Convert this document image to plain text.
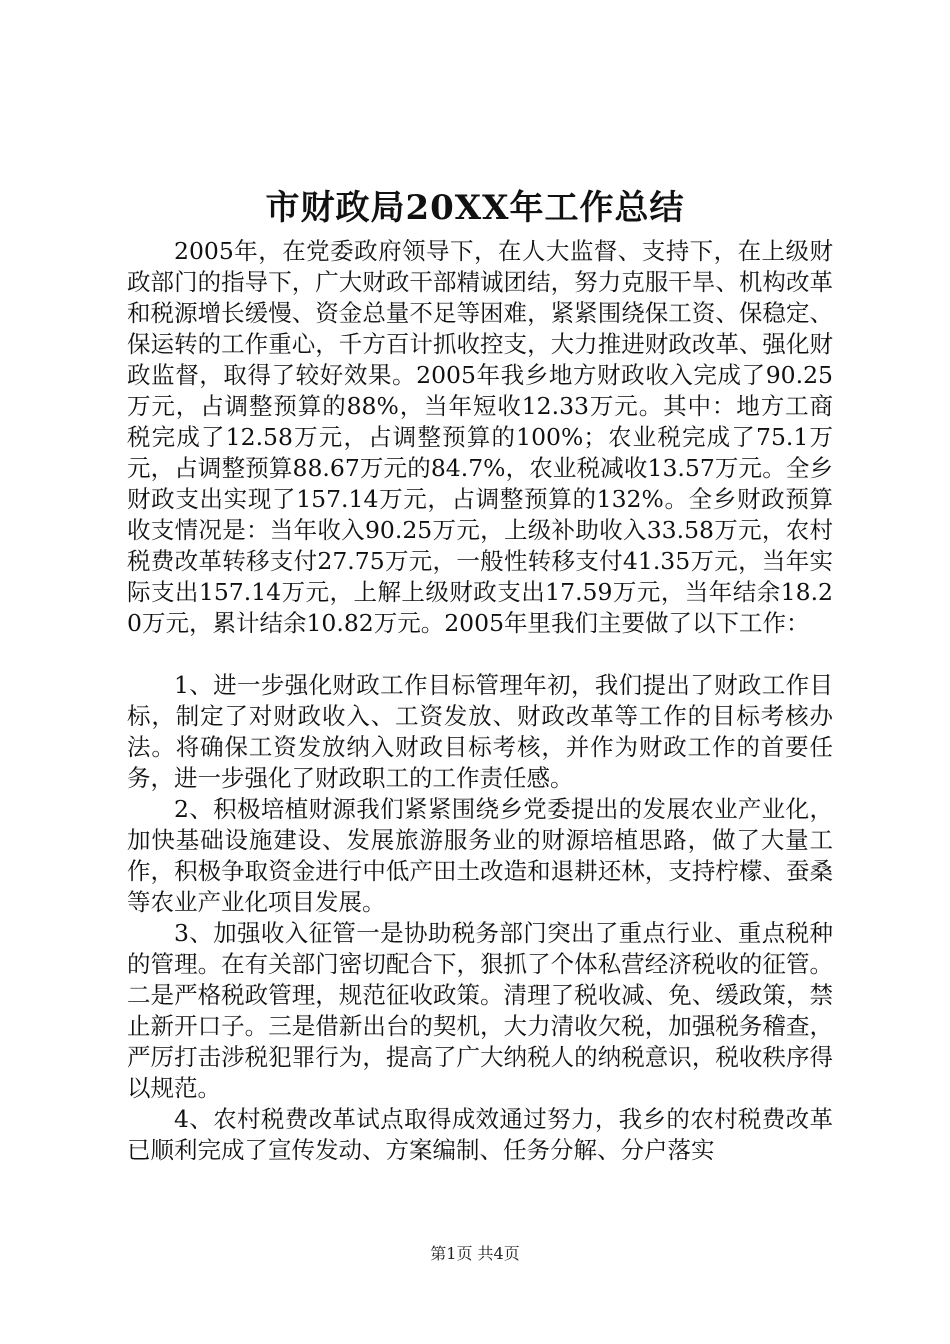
市财政局20XX年工作总结

2005年，在党委政府领导下，在人大监督、支持下，在上级财政部门的指导下，广大财政干部精诚团结，努力克服干旱、机构改革和税源增长缓慢、资金总量不足等困难，紧紧围绕保工资、保稳定、保运转的工作重心，千方百计抓收控支，大力推进财政改革、强化财政监督，取得了较好效果。2005年我乡地方财政收入完成了90.25万元，占调整预算的88%，当年短收12.33万元。其中：地方工商税完成了12.58万元，占调整预算的100%；农业税完成了75.1万元，占调整预算88.67万元的84.7%，农业税减收13.57万元。全乡财政支出实现了157.14万元，占调整预算的132%。全乡财政预算收支情况是：当年收入90.25万元，上级补助收入33.58万元，农村税费改革转移支付27.75万元，一般性转移支付41.35万元，当年实际支出157.14万元，上解上级财政支出17.59万元，当年结余18.20万元，累计结余10.82万元。2005年里我们主要做了以下工作：

1、进一步强化财政工作目标管理年初，我们提出了财政工作目标，制定了对财政收入、工资发放、财政改革等工作的目标考核办法。将确保工资发放纳入财政目标考核，并作为财政工作的首要任务，进一步强化了财政职工的工作责任感。

2、积极培植财源我们紧紧围绕乡党委提出的发展农业产业化，加快基础设施建设、发展旅游服务业的财源培植思路，做了大量工作，积极争取资金进行中低产田土改造和退耕还林，支持柠檬、蚕桑等农业产业化项目发展。

3、加强收入征管一是协助税务部门突出了重点行业、重点税种的管理。在有关部门密切配合下，狠抓了个体私营经济税收的征管。二是严格税政管理，规范征收政策。清理了税收减、免、缓政策，禁止新开口子。三是借新出台的契机，大力清收欠税，加强税务稽查，严厉打击涉税犯罪行为，提高了广大纳税人的纳税意识，税收秩序得以规范。

4、农村税费改革试点取得成效通过努力，我乡的农村税费改革已顺利完成了宣传发动、方案编制、任务分解、分户落实

第1页 共4页
